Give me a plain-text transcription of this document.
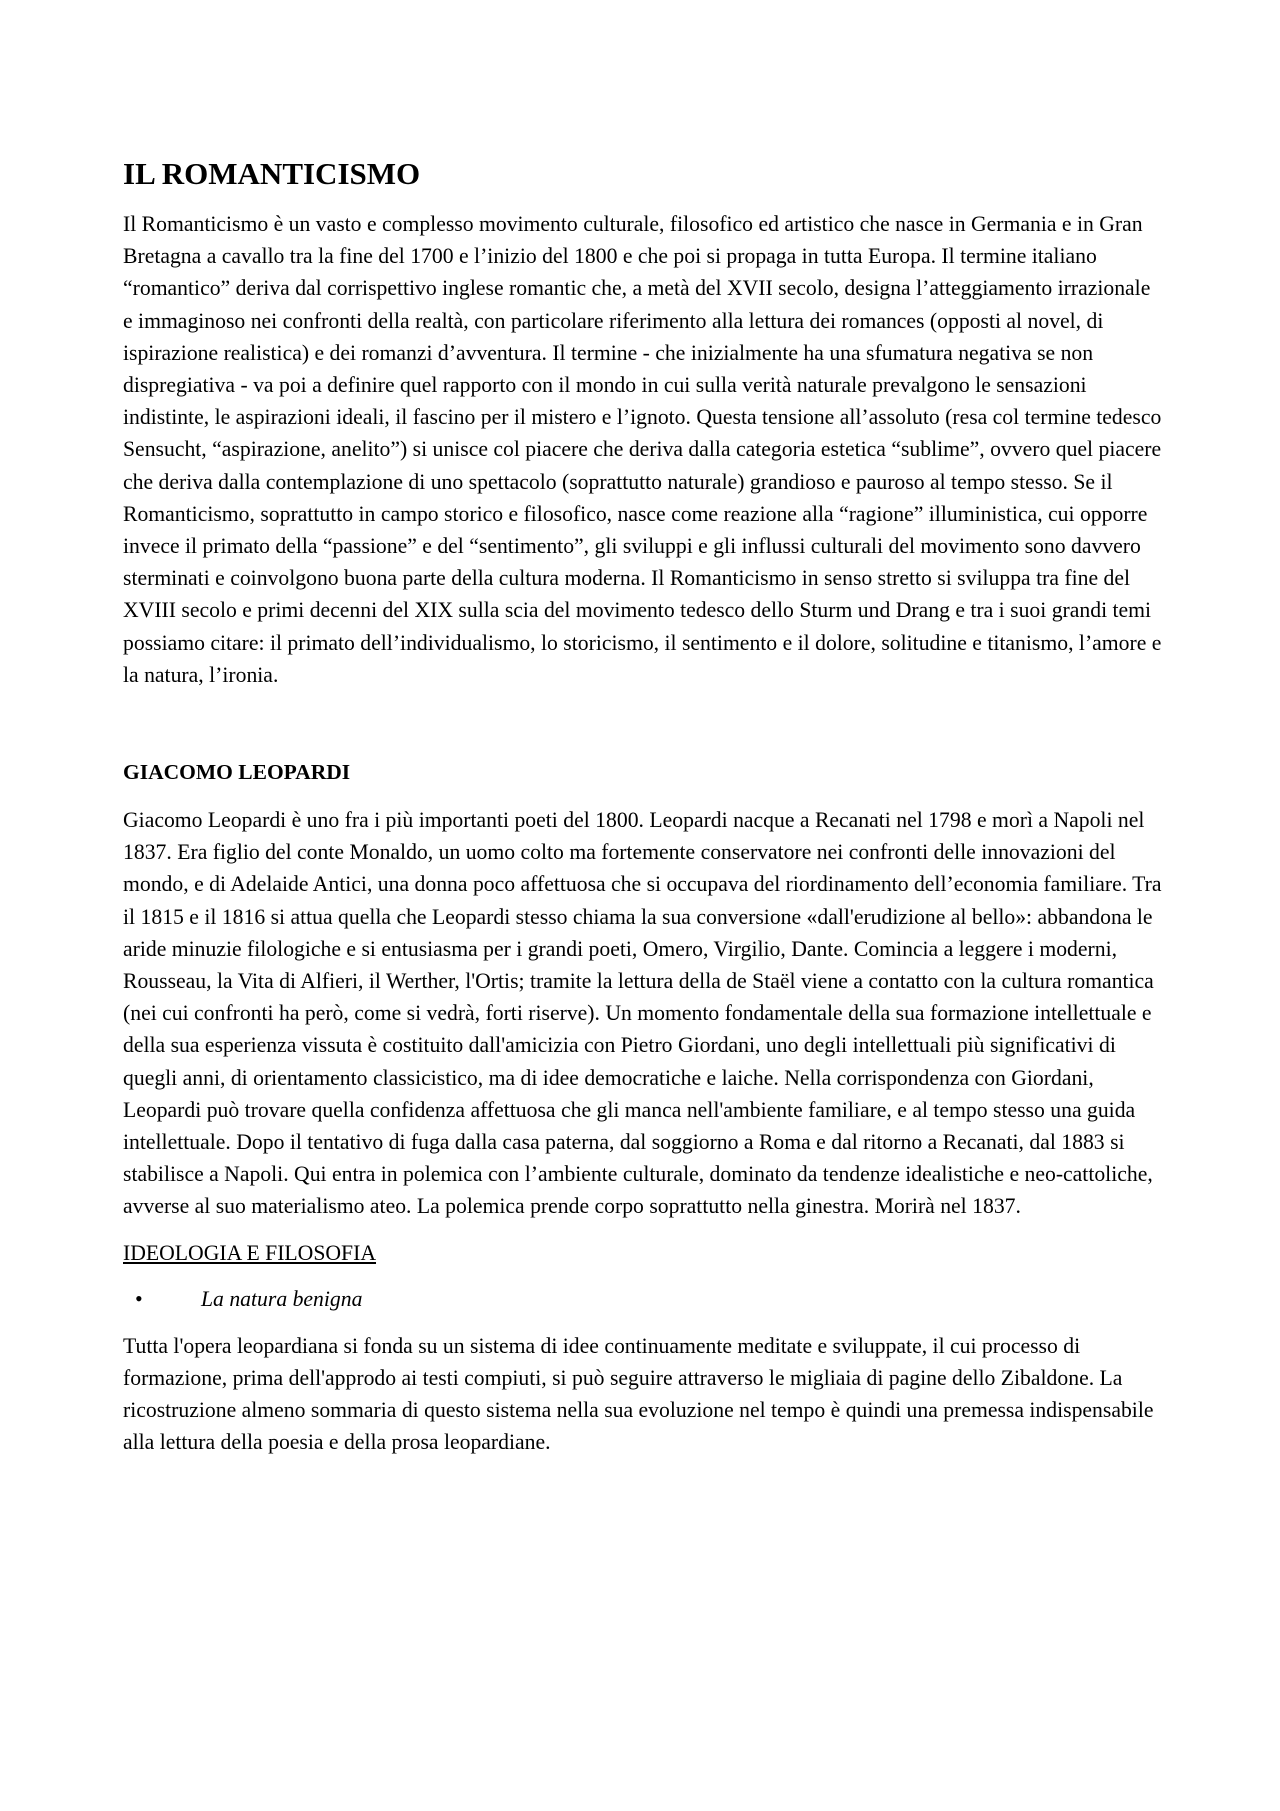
IL ROMANTICISMO

Il Romanticismo è un vasto e complesso movimento culturale, filosofico ed artistico che nasce in Germania e in Gran Bretagna a cavallo tra la fine del 1700 e l’inizio del 1800 e che poi si propaga in tutta Europa. Il termine italiano “romantico” deriva dal corrispettivo inglese romantic che, a metà del XVII secolo, designa l’atteggiamento irrazionale e immaginoso nei confronti della realtà, con particolare riferimento alla lettura dei romances (opposti al novel, di ispirazione realistica) e dei romanzi d’avventura. Il termine - che inizialmente ha una sfumatura negativa se non dispregiativa - va poi a definire quel rapporto con il mondo in cui sulla verità naturale prevalgono le sensazioni indistinte, le aspirazioni ideali, il fascino per il mistero e l’ignoto. Questa tensione all’assoluto (resa col termine tedesco Sensucht, “aspirazione, anelito”) si unisce col piacere che deriva dalla categoria estetica “sublime”, ovvero quel piacere che deriva dalla contemplazione di uno spettacolo (soprattutto naturale) grandioso e pauroso al tempo stesso. Se il Romanticismo, soprattutto in campo storico e filosofico, nasce come reazione alla “ragione” illuministica, cui opporre invece il primato della “passione” e del “sentimento”, gli sviluppi e gli influssi culturali del movimento sono davvero sterminati e coinvolgono buona parte della cultura moderna. Il Romanticismo in senso stretto si sviluppa tra fine del XVIII secolo e primi decenni del XIX sulla scia del movimento tedesco dello Sturm und Drang e tra i suoi grandi temi possiamo citare: il primato dell’individualismo, lo storicismo, il sentimento e il dolore, solitudine e titanismo, l’amore e la natura, l’ironia.

GIACOMO LEOPARDI

Giacomo Leopardi è uno fra i più importanti poeti del 1800. Leopardi nacque a Recanati nel 1798 e morì a Napoli nel 1837. Era figlio del conte Monaldo, un uomo colto ma fortemente conservatore nei confronti delle innovazioni del mondo, e di Adelaide Antici, una donna poco affettuosa che si occupava del riordinamento dell’economia familiare. Tra il 1815 e il 1816 si attua quella che Leopardi stesso chiama la sua conversione «dall'erudizione al bello»: abbandona le aride minuzie filologiche e si entusiasma per i grandi poeti, Omero, Virgilio, Dante. Comincia a leggere i moderni, Rousseau, la Vita di Alfieri, il Werther, l'Ortis; tramite la lettura della de Staël viene a contatto con la cultura romantica (nei cui confronti ha però, come si vedrà, forti riserve). Un momento fondamentale della sua formazione intellettuale e della sua esperienza vissuta è costituito dall'amicizia con Pietro Giordani, uno degli intellettuali più significativi di quegli anni, di orientamento classicistico, ma di idee democratiche e laiche. Nella corrispondenza con Giordani, Leopardi può trovare quella confidenza affettuosa che gli manca nell'ambiente familiare, e al tempo stesso una guida intellettuale. Dopo il tentativo di fuga dalla casa paterna, dal soggiorno a Roma e dal ritorno a Recanati, dal 1883 si stabilisce a Napoli. Qui entra in polemica con l’ambiente culturale, dominato da tendenze idealistiche e neo-cattoliche, avverse al suo materialismo ateo. La polemica prende corpo soprattutto nella ginestra. Morirà nel 1837.

IDEOLOGIA E FILOSOFIA
•	La natura benigna

Tutta l'opera leopardiana si fonda su un sistema di idee continuamente meditate e sviluppate, il cui processo di formazione, prima dell'approdo ai testi compiuti, si può seguire attraverso le migliaia di pagine dello Zibaldone. La ricostruzione almeno sommaria di questo sistema nella sua evoluzione nel tempo è quindi una premessa indispensabile alla lettura della poesia e della prosa leopardiane.
